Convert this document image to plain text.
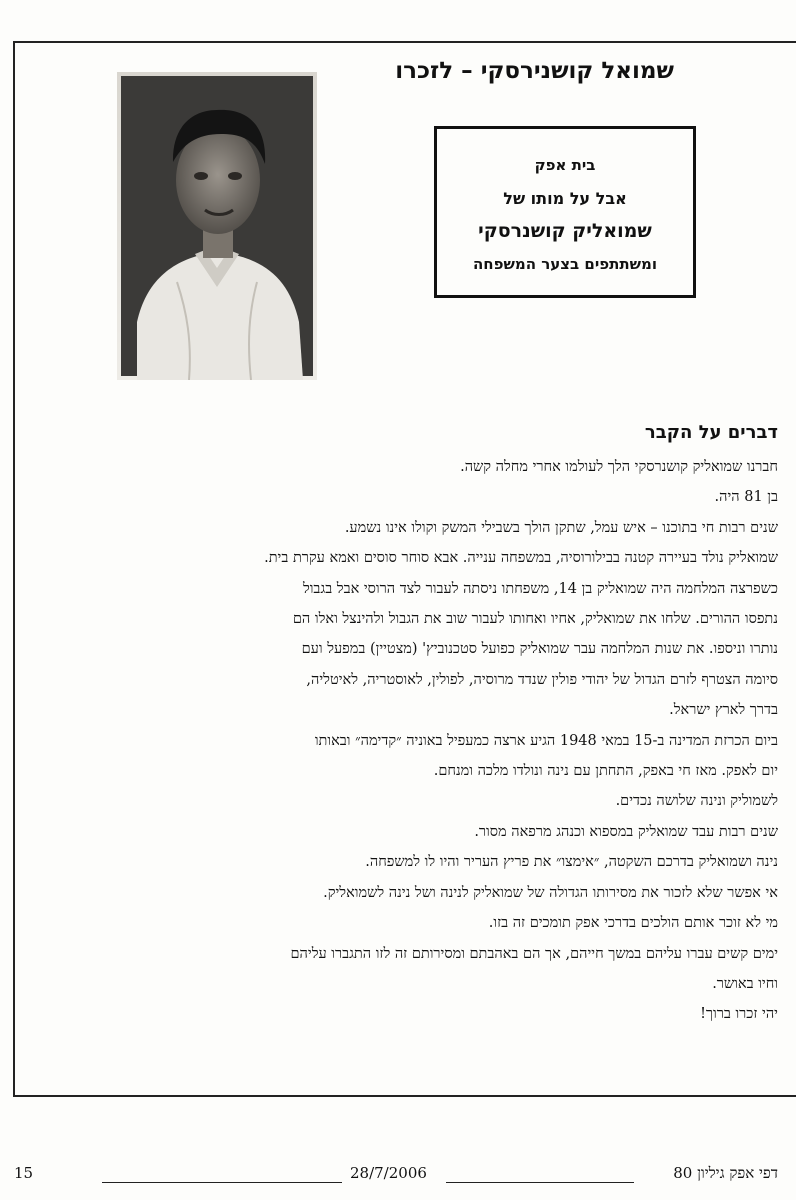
שמואל קושנירסקי – לזכרו
בית אפק
אבל על מותו של
שמואליק קושנרסקי
ומשתתפים בצער המשפחה
דברים על הקבר
חברנו שמואליק קושנרסקי הלך לעולמו אחרי מחלה קשה.
בן 81 היה.
שנים רבות חי בתוכנו – איש עמל, שתקן הולך בשבילי המשק וקולו אינו נשמע.
שמואליק נולד בעיירה קטנה בבילורוסיה, במשפחה ענייה. אבא סוחר סוסים ואמא עקרת בית.
כשפרצה המלחמה היה שמואליק בן 14, משפחתו ניסתה לעבור לצד הרוסי אבל בגבול
נתפסו ההורים. שלחו את שמואליק, אחיו ואחותו לעבור שוב את הגבול ולהינצל ואלו הם
נותרו וניספו. את שנות המלחמה עבר שמואליק כפועל סטכנוביץ' (מצטיין) במפעל ועם
סיומה הצטרף לזרם הגדול של יהודי פולין שנדד מרוסיה, לפולין, לאוסטריה, לאיטליה,
בדרך לארץ ישראל.
ביום הכרזת המדינה ב-15 במאי 1948 הגיע ארצה כמעפיל באוניה ״קדימה״ ובאותו
יום לאפק. מאז חי באפק, התחתן עם נינה ונולדו מלכה ומנחם.
לשמוליק ונינה שלושה נכדים.
שנים רבות עבד שמואליק במספוא וכנהג מרפאה מסור.
נינה ושמואליק בדרכם השקטה, ״אימצו״ את פריץ העריר והיו לו למשפחה.
אי אפשר שלא לזכור את מסירותו הגדולה של שמואליק לנינה ושל נינה לשמואליק.
מי לא זוכר אותם הולכים בדרכי אפק תומכים זה בזו.
ימים קשים עברו עליהם במשך חייהם, אך הם באהבתם ומסירותם זה לזו התגברו עליהם
וחיו באושר.
יהי זכרו ברוך!
15	28/7/2006	דפי אפק גיליון 80
